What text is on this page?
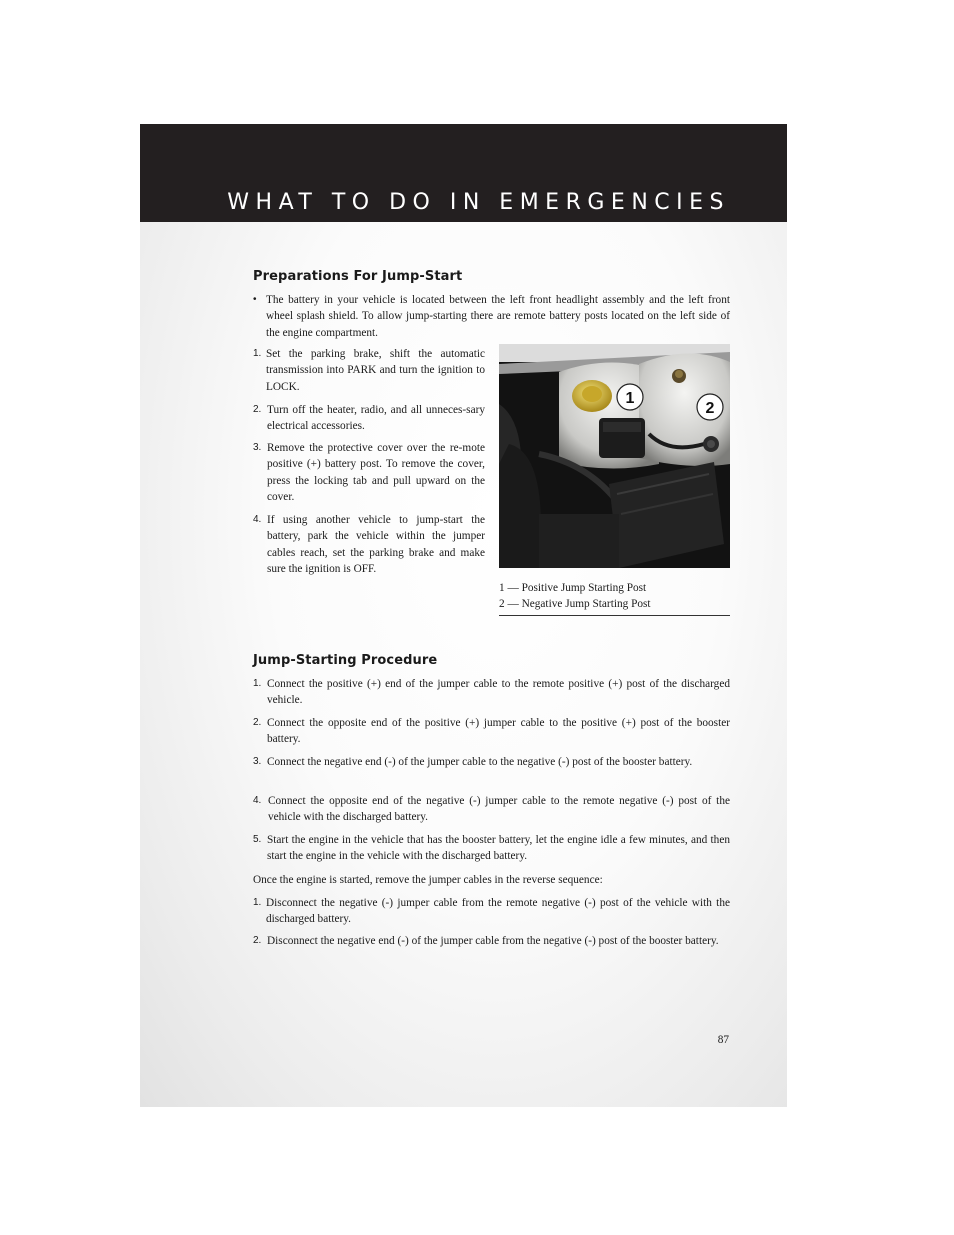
WHAT TO DO IN EMERGENCIES
Preparations For Jump-Start
• The battery in your vehicle is located between the left front headlight assembly and the left front wheel splash shield. To allow jump-starting there are remote battery posts located on the left side of the engine compartment.
1. Set the parking brake, shift the automatic transmission into PARK and turn the ignition to LOCK.
2. Turn off the heater, radio, and all unneces-sary electrical accessories.
3. Remove the protective cover over the re-mote positive (+) battery post. To remove the cover, press the locking tab and pull upward on the cover.
4. If using another vehicle to jump-start the battery, park the vehicle within the jumper cables reach, set the parking brake and make sure the ignition is OFF.
1
2
1 — Positive Jump Starting Post
2 — Negative Jump Starting Post
Jump-Starting Procedure
1. Connect the positive (+) end of the jumper cable to the remote positive (+) post of the discharged vehicle.
2. Connect the opposite end of the positive (+) jumper cable to the positive (+) post of the booster battery.
3. Connect the negative end (-) of the jumper cable to the negative (-) post of the booster battery.
4. Connect the opposite end of the negative (-) jumper cable to the remote negative (-) post of the vehicle with the discharged battery.
5. Start the engine in the vehicle that has the booster battery, let the engine idle a few minutes, and then start the engine in the vehicle with the discharged battery.
Once the engine is started, remove the jumper cables in the reverse sequence:
1. Disconnect the negative (-) jumper cable from the remote negative (-) post of the vehicle with the discharged battery.
2. Disconnect the negative end (-) of the jumper cable from the negative (-) post of the booster battery.
87
